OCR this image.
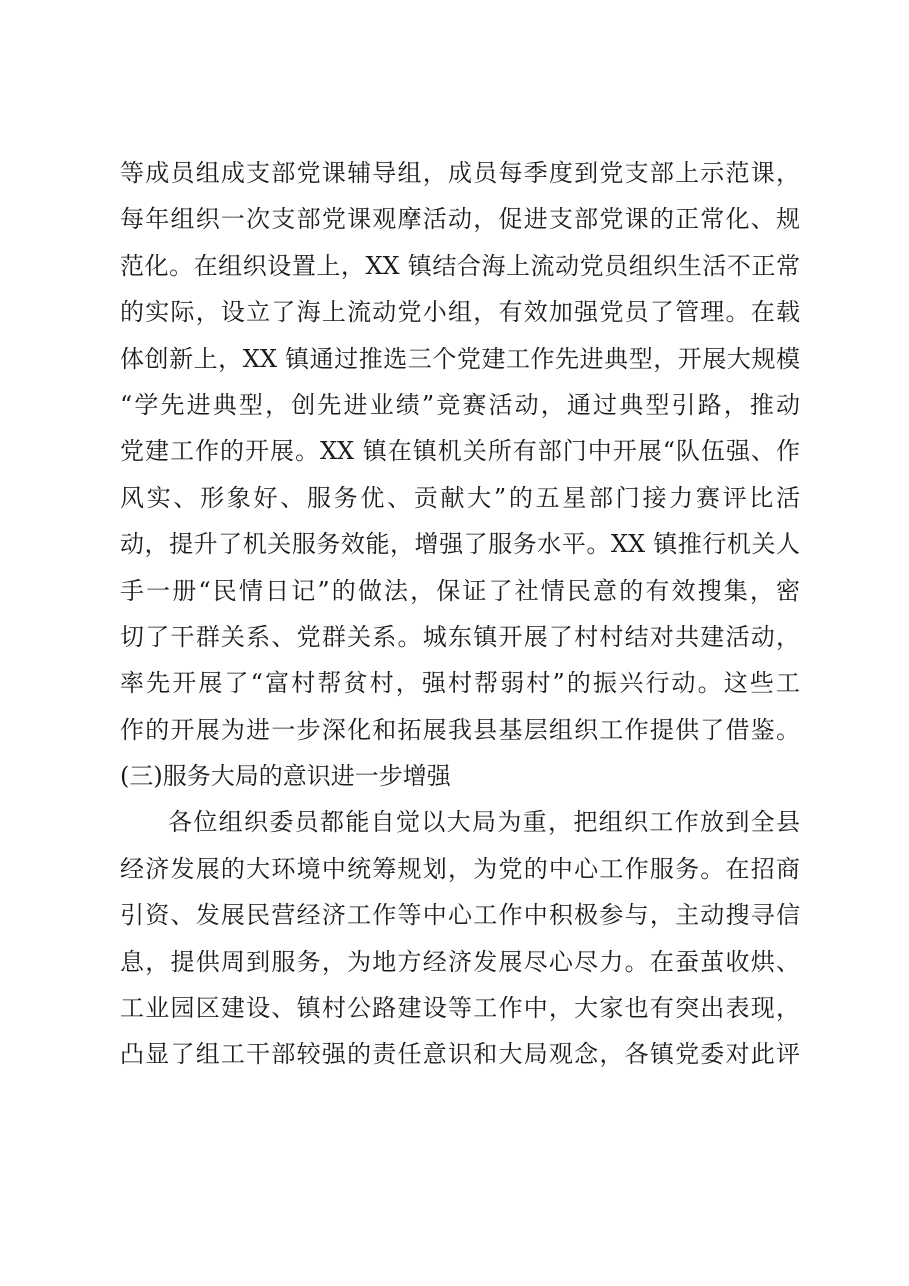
等成员组成支部党课辅导组，成员每季度到党支部上示范课，
每年组织一次支部党课观摩活动，促进支部党课的正常化、规
范化。在组织设置上，XX 镇结合海上流动党员组织生活不正常
的实际，设立了海上流动党小组，有效加强党员了管理。在载
体创新上，XX 镇通过推选三个党建工作先进典型，开展大规模
“学先进典型，创先进业绩”竞赛活动，通过典型引路，推动
党建工作的开展。XX 镇在镇机关所有部门中开展“队伍强、作
风实、形象好、服务优、贡献大”的五星部门接力赛评比活
动，提升了机关服务效能，增强了服务水平。XX 镇推行机关人
手一册“民情日记”的做法，保证了社情民意的有效搜集，密
切了干群关系、党群关系。城东镇开展了村村结对共建活动，
率先开展了“富村帮贫村，强村帮弱村”的振兴行动。这些工
作的开展为进一步深化和拓展我县基层组织工作提供了借鉴。
(三)服务大局的意识进一步增强
各位组织委员都能自觉以大局为重，把组织工作放到全县
经济发展的大环境中统筹规划，为党的中心工作服务。在招商
引资、发展民营经济工作等中心工作中积极参与，主动搜寻信
息，提供周到服务，为地方经济发展尽心尽力。在蚕茧收烘、
工业园区建设、镇村公路建设等工作中，大家也有突出表现，
凸显了组工干部较强的责任意识和大局观念，各镇党委对此评
